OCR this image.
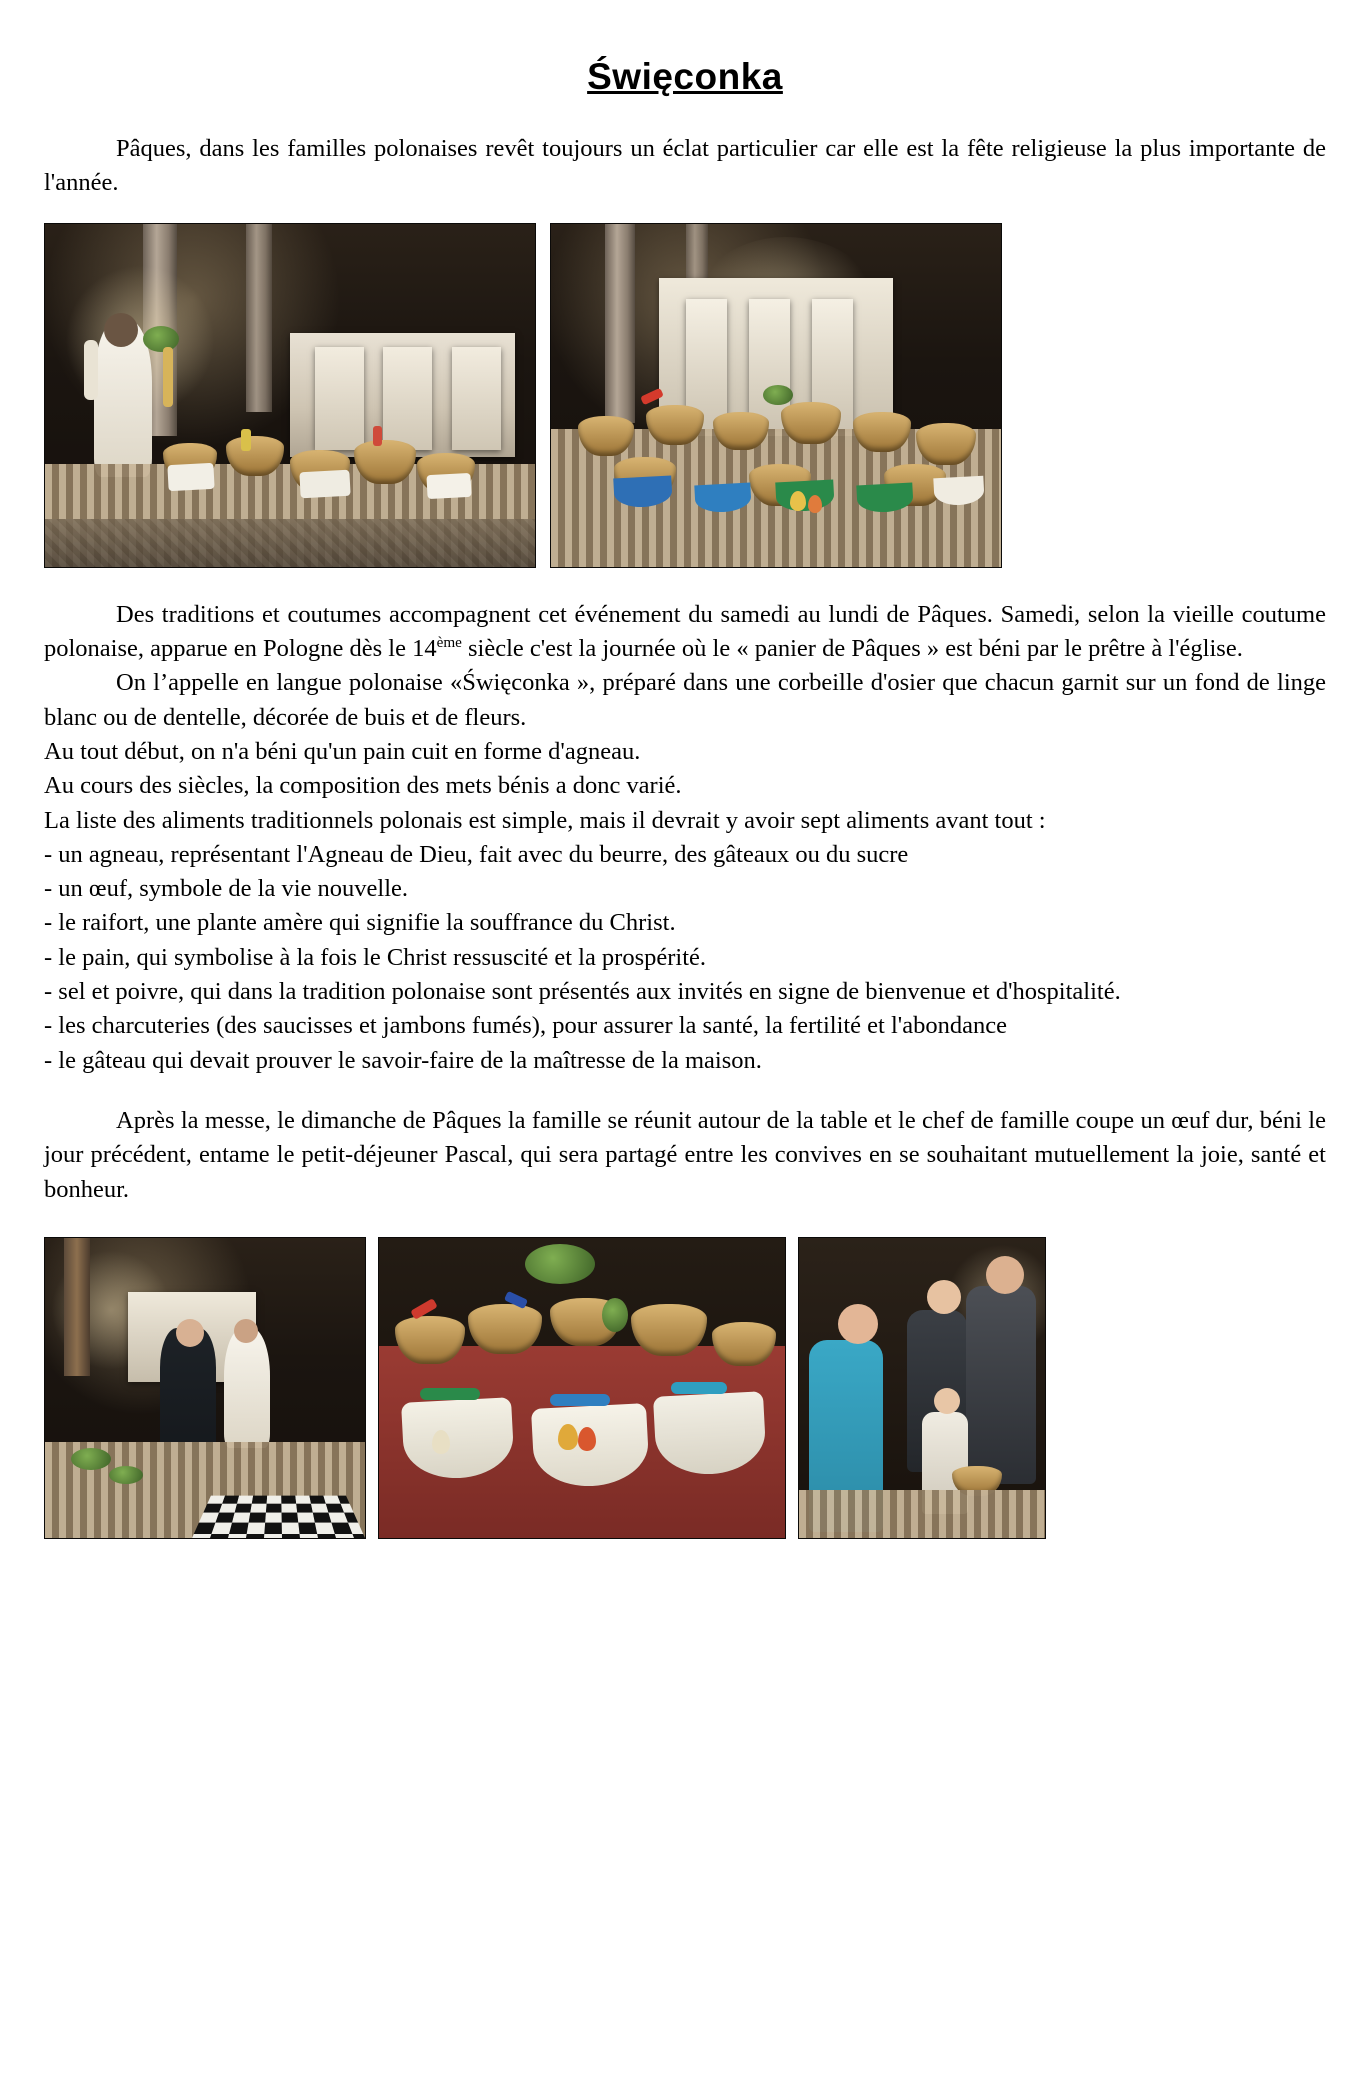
Święconka

Pâques, dans les familles polonaises revêt toujours un éclat particulier car elle est la fête religieuse la plus importante de l'année.

Des traditions et coutumes accompagnent cet événement du samedi au lundi de Pâques. Samedi, selon la vieille coutume polonaise, apparue en Pologne dès le 14ème siècle c'est la journée où le « panier de Pâques » est béni par le prêtre à l'église.

On l’appelle en langue polonaise «Święconka », préparé dans une corbeille d'osier que chacun garnit sur un fond de linge blanc ou de dentelle, décorée de buis et de fleurs.

Au tout début, on n'a béni qu'un pain cuit en forme d'agneau.

Au cours des siècles, la composition des mets bénis a donc varié.

La liste des aliments traditionnels polonais est simple, mais il devrait y avoir sept aliments avant tout :

- un agneau, représentant l'Agneau de Dieu, fait avec du beurre, des gâteaux ou du sucre

- un œuf, symbole de la vie nouvelle.

- le raifort, une plante amère qui signifie la souffrance du Christ.

- le pain, qui symbolise à la fois le Christ ressuscité et la prospérité.

- sel et poivre, qui dans la tradition polonaise sont présentés aux invités en signe de bienvenue et d'hospitalité.

- les charcuteries (des saucisses et jambons fumés), pour assurer la santé, la fertilité et l'abondance

- le gâteau qui devait prouver le savoir-faire de la maîtresse de la maison.

Après la messe, le dimanche de Pâques la famille se réunit autour de la table et le chef de famille coupe un œuf dur, béni le jour précédent, entame le petit-déjeuner Pascal, qui sera partagé entre les convives en se souhaitant mutuellement la joie, santé et bonheur.
